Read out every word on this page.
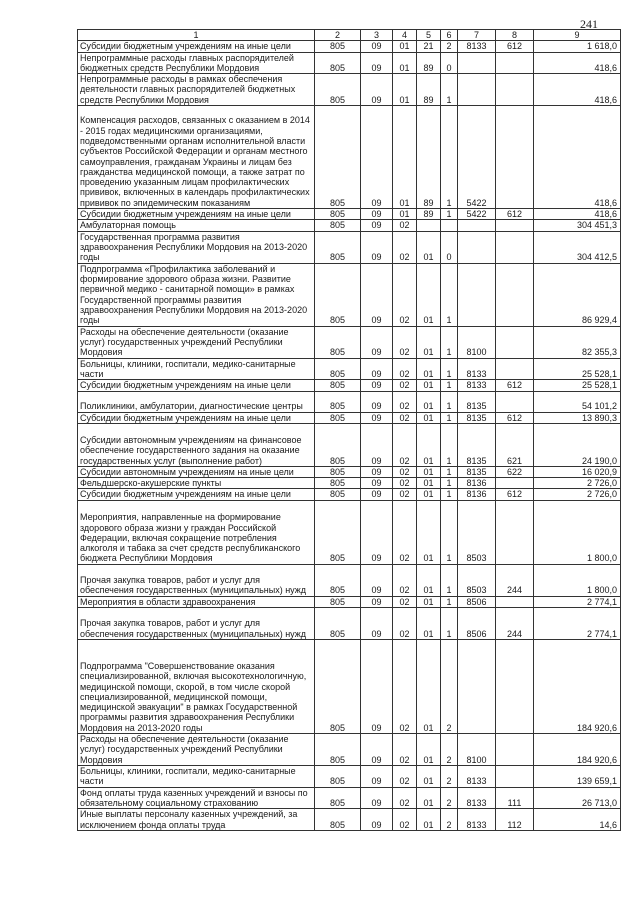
241
1	2	3	4	5	6	7	8	9
Субсидии бюджетным учреждениям на иные цели	805	09	01	21	2	8133	612	1 618,0
Непрограммные расходы главных распорядителей бюджетных средств Республики Мордовия	805	09	01	89	0			418,6
Непрограммные расходы в рамках обеспечения деятельности главных распорядителей бюджетных средств Республики Мордовия	805	09	01	89	1			418,6
Компенсация расходов, связанных с оказанием в 2014 - 2015 годах медицинскими организациями, подведомственными органам исполнительной власти субъектов Российской Федерации и органам местного самоуправления, гражданам Украины и лицам без гражданства медицинской помощи, а также затрат по проведению указанным лицам профилактических прививок, включенных в календарь профилактических прививок по эпидемическим показаниям	805	09	01	89	1	5422		418,6
Субсидии бюджетным учреждениям на иные цели	805	09	01	89	1	5422	612	418,6
Амбулаторная помощь	805	09	02					304 451,3
Государственная программа развития здравоохранения Республики Мордовия на 2013-2020 годы	805	09	02	01	0			304 412,5
Подпрограмма «Профилактика заболеваний и формирование здорового образа жизни. Развитие первичной медико - санитарной помощи» в рамках Государственной программы развития здравоохранения Республики Мордовия на 2013-2020 годы	805	09	02	01	1			86 929,4
Расходы на обеспечение деятельности (оказание услуг) государственных учреждений Республики Мордовия	805	09	02	01	1	8100		82 355,3
Больницы, клиники, госпитали, медико-санитарные части	805	09	02	01	1	8133		25 528,1
Субсидии бюджетным учреждениям на иные цели	805	09	02	01	1	8133	612	25 528,1
Поликлиники, амбулатории, диагностические центры	805	09	02	01	1	8135		54 101,2
Субсидии бюджетным учреждениям на иные цели	805	09	02	01	1	8135	612	13 890,3
Субсидии автономным учреждениям на финансовое обеспечение государственного задания на оказание государственных услуг (выполнение работ)	805	09	02	01	1	8135	621	24 190,0
Субсидии автономным учреждениям на иные цели	805	09	02	01	1	8135	622	16 020,9
Фельдшерско-акушерские пункты	805	09	02	01	1	8136		2 726,0
Субсидии бюджетным учреждениям на иные цели	805	09	02	01	1	8136	612	2 726,0
Мероприятия, направленные на формирование здорового образа жизни у граждан Российской Федерации, включая сокращение потребления алкоголя и табака за счет средств республиканского бюджета Республики Мордовия	805	09	02	01	1	8503		1 800,0
Прочая закупка товаров, работ и услуг для обеспечения государственных (муниципальных) нужд	805	09	02	01	1	8503	244	1 800,0
Мероприятия в области здравоохранения	805	09	02	01	1	8506		2 774,1
Прочая закупка товаров, работ и услуг для обеспечения государственных (муниципальных) нужд	805	09	02	01	1	8506	244	2 774,1
Подпрограмма "Совершенствование оказания специализированной, включая высокотехнологичную, медицинской помощи, скорой, в том числе скорой специализированной, медицинской помощи, медицинской эвакуации" в рамках Государственной программы развития здравоохранения Республики Мордовия на 2013-2020 годы	805	09	02	01	2			184 920,6
Расходы на обеспечение деятельности (оказание услуг) государственных учреждений Республики Мордовия	805	09	02	01	2	8100		184 920,6
Больницы, клиники, госпитали, медико-санитарные части	805	09	02	01	2	8133		139 659,1
Фонд оплаты труда казенных учреждений и взносы по обязательному социальному страхованию	805	09	02	01	2	8133	111	26 713,0
Иные выплаты персоналу казенных учреждений, за исключением фонда оплаты труда	805	09	02	01	2	8133	112	14,6
